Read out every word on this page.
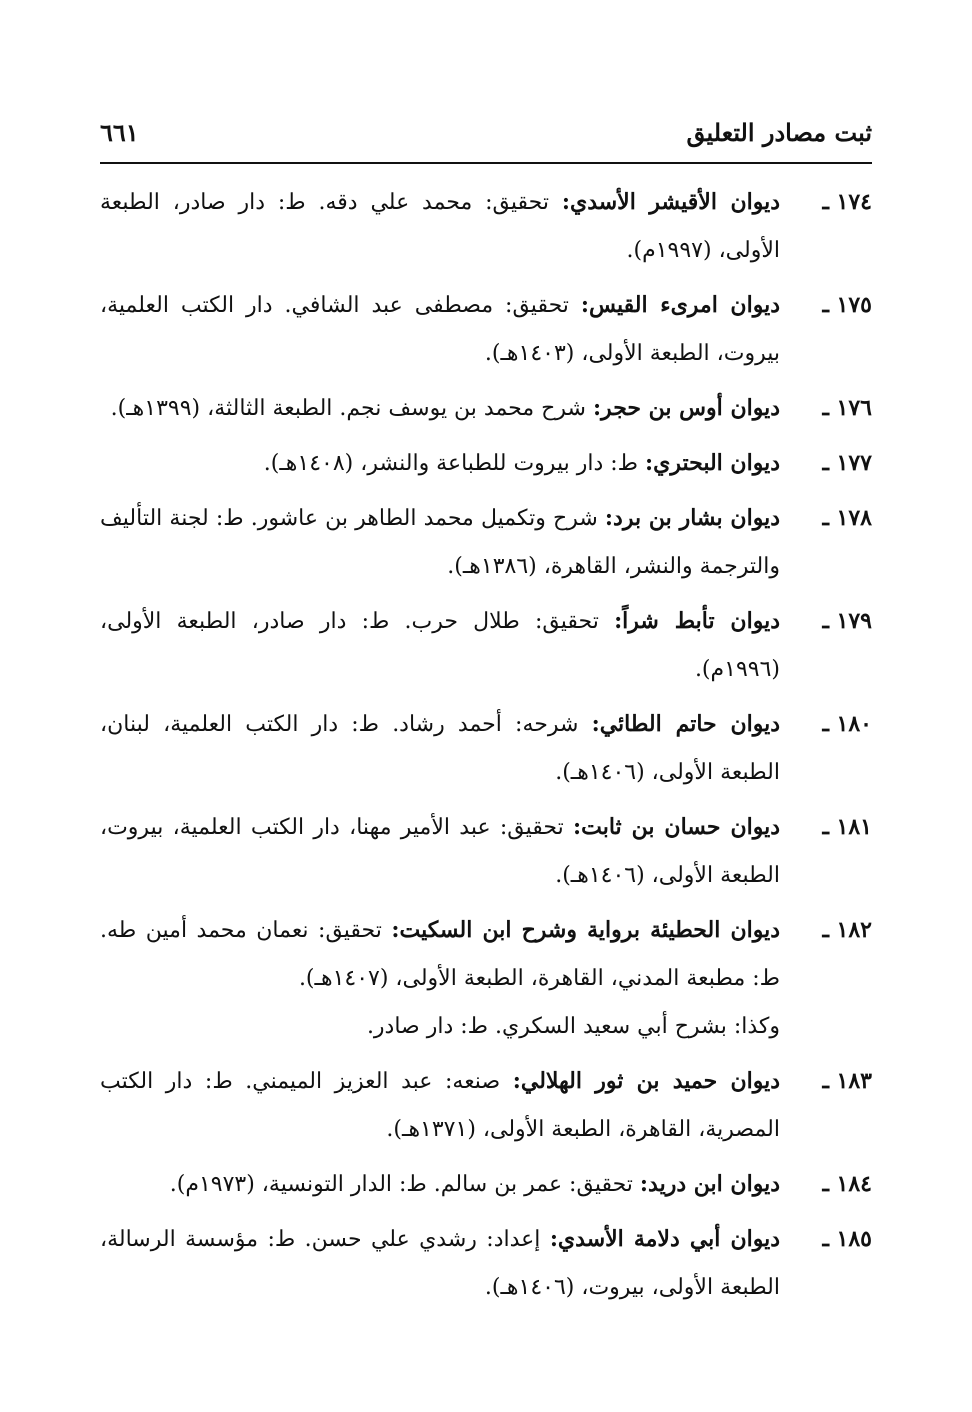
ثبت مصادر التعليق
٦٦١
١٧٤ ـ
ديوان الأقيشر الأسدي: تحقيق: محمد علي دقه. ط: دار صادر، الطبعة الأولى، (١٩٩٧م).
١٧٥ ـ
ديوان امرىء القيس: تحقيق: مصطفى عبد الشافي. دار الكتب العلمية، بيروت، الطبعة الأولى، (١٤٠٣هـ).
١٧٦ ـ
ديوان أوس بن حجر: شرح محمد بن يوسف نجم. الطبعة الثالثة، (١٣٩٩هـ).
١٧٧ ـ
ديوان البحتري: ط: دار بيروت للطباعة والنشر، (١٤٠٨هـ).
١٧٨ ـ
ديوان بشار بن برد: شرح وتكميل محمد الطاهر بن عاشور. ط: لجنة التأليف والترجمة والنشر، القاهرة، (١٣٨٦هـ).
١٧٩ ـ
ديوان تأبط شراً: تحقيق: طلال حرب. ط: دار صادر، الطبعة الأولى، (١٩٩٦م).
١٨٠ ـ
ديوان حاتم الطائي: شرحه: أحمد رشاد. ط: دار الكتب العلمية، لبنان، الطبعة الأولى، (١٤٠٦هـ).
١٨١ ـ
ديوان حسان بن ثابت: تحقيق: عبد الأمير مهنا، دار الكتب العلمية، بيروت، الطبعة الأولى، (١٤٠٦هـ).
١٨٢ ـ
ديوان الحطيئة برواية وشرح ابن السكيت: تحقيق: نعمان محمد أمين طه. ط: مطبعة المدني، القاهرة، الطبعة الأولى، (١٤٠٧هـ).
وكذا: بشرح أبي سعيد السكري. ط: دار صادر.
١٨٣ ـ
ديوان حميد بن ثور الهلالي: صنعه: عبد العزيز الميمني. ط: دار الكتب المصرية، القاهرة، الطبعة الأولى، (١٣٧١هـ).
١٨٤ ـ
ديوان ابن دريد: تحقيق: عمر بن سالم. ط: الدار التونسية، (١٩٧٣م).
١٨٥ ـ
ديوان أبي دلامة الأسدي: إعداد: رشدي علي حسن. ط: مؤسسة الرسالة، الطبعة الأولى، بيروت، (١٤٠٦هـ).
